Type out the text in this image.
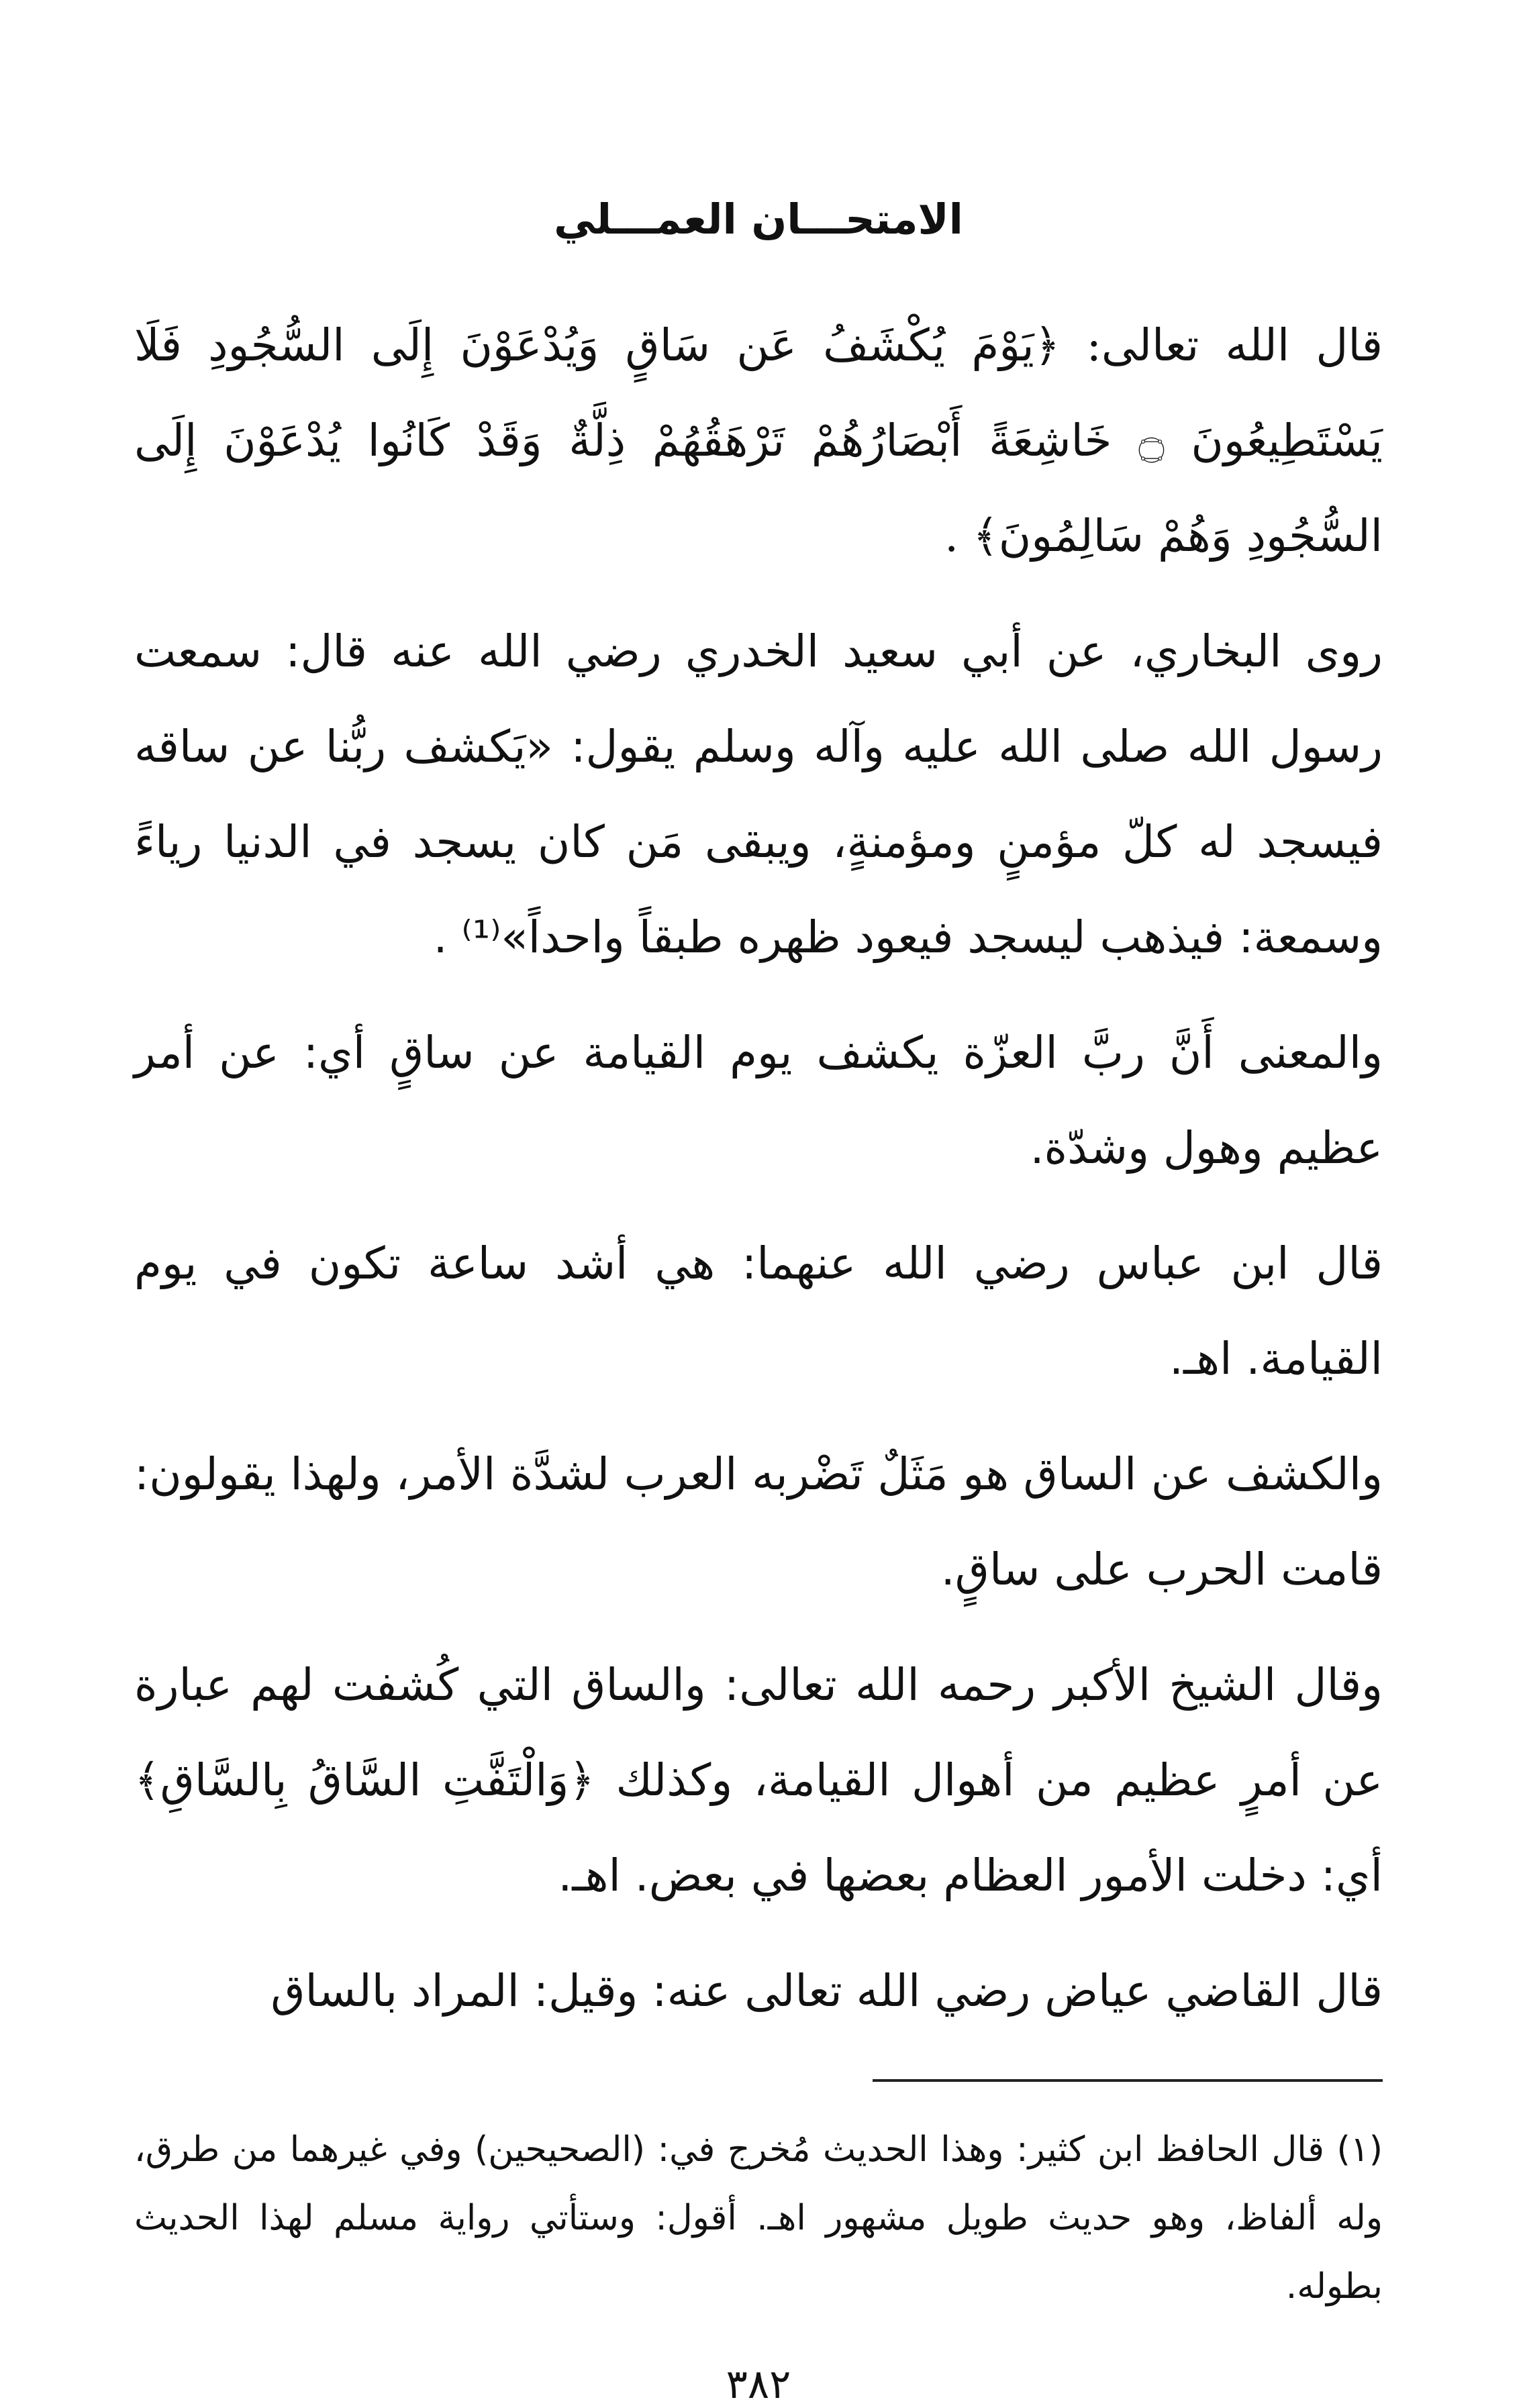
الامتحـــان العمـــلي

قال الله تعالى: ﴿يَوْمَ يُكْشَفُ عَن سَاقٍ وَيُدْعَوْنَ إِلَى السُّجُودِ فَلَا يَسْتَطِيعُونَ ۝ خَاشِعَةً أَبْصَارُهُمْ تَرْهَقُهُمْ ذِلَّةٌ وَقَدْ كَانُوا يُدْعَوْنَ إِلَى السُّجُودِ وَهُمْ سَالِمُونَ﴾ .

روى البخاري، عن أبي سعيد الخدري رضي الله عنه قال: سمعت رسول الله صلى الله عليه وآله وسلم يقول: «يَكشف ربُّنا عن ساقه فيسجد له كلّ مؤمنٍ ومؤمنةٍ، ويبقى مَن كان يسجد في الدنيا رياءً وسمعة: فيذهب ليسجد فيعود ظهره طبقاً واحداً»⁽¹⁾ .

والمعنى أَنَّ ربَّ العزّة يكشف يوم القيامة عن ساقٍ أي: عن أمر عظيم وهول وشدّة.

قال ابن عباس رضي الله عنهما: هي أشد ساعة تكون في يوم القيامة. اهـ.

والكشف عن الساق هو مَثَلٌ تَضْربه العرب لشدَّة الأمر، ولهذا يقولون: قامت الحرب على ساقٍ.

وقال الشيخ الأكبر رحمه الله تعالى: والساق التي كُشفت لهم عبارة عن أمرٍ عظيم من أهوال القيامة، وكذلك ﴿وَالْتَفَّتِ السَّاقُ بِالسَّاقِ﴾ أي: دخلت الأمور العظام بعضها في بعض. اهـ.

قال القاضي عياض رضي الله تعالى عنه: وقيل: المراد بالساق

(١) قال الحافظ ابن كثير: وهذا الحديث مُخرج في: (الصحيحين) وفي غيرهما من طرق، وله ألفاظ، وهو حديث طويل مشهور اهـ. أقول: وستأتي رواية مسلم لهذا الحديث بطوله.

٣٨٢
